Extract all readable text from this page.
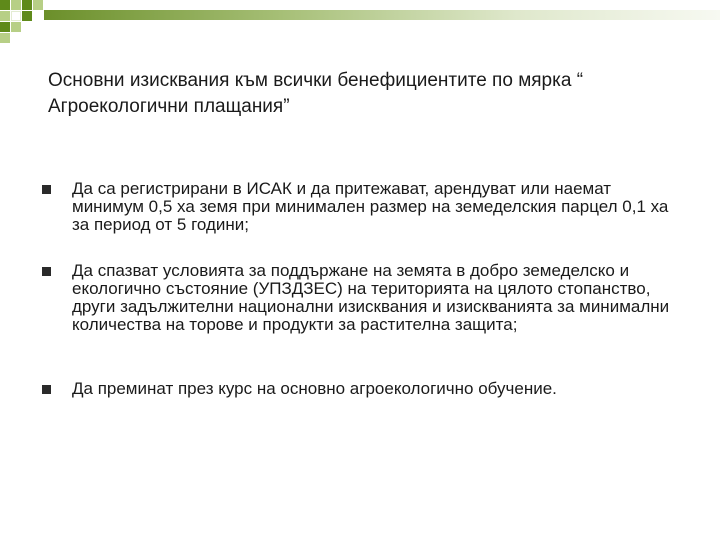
Основни изисквания към всички бенефициентите по мярка “ Агроекологични плащания”
Да са регистрирани в ИСАК и да притежават, арендуват или наемат минимум 0,5 ха земя при минимален размер на земеделския парцел 0,1 ха за период от 5 години;
Да спазват условията за поддържане на земята в добро земеделско и екологично състояние (УПЗДЗЕС) на територията на цялото стопанство, други задължителни национални изисквания и изискванията за минимални количества на торове и продукти за растителна защита;
Да преминат през курс на основно агроекологично обучение.
